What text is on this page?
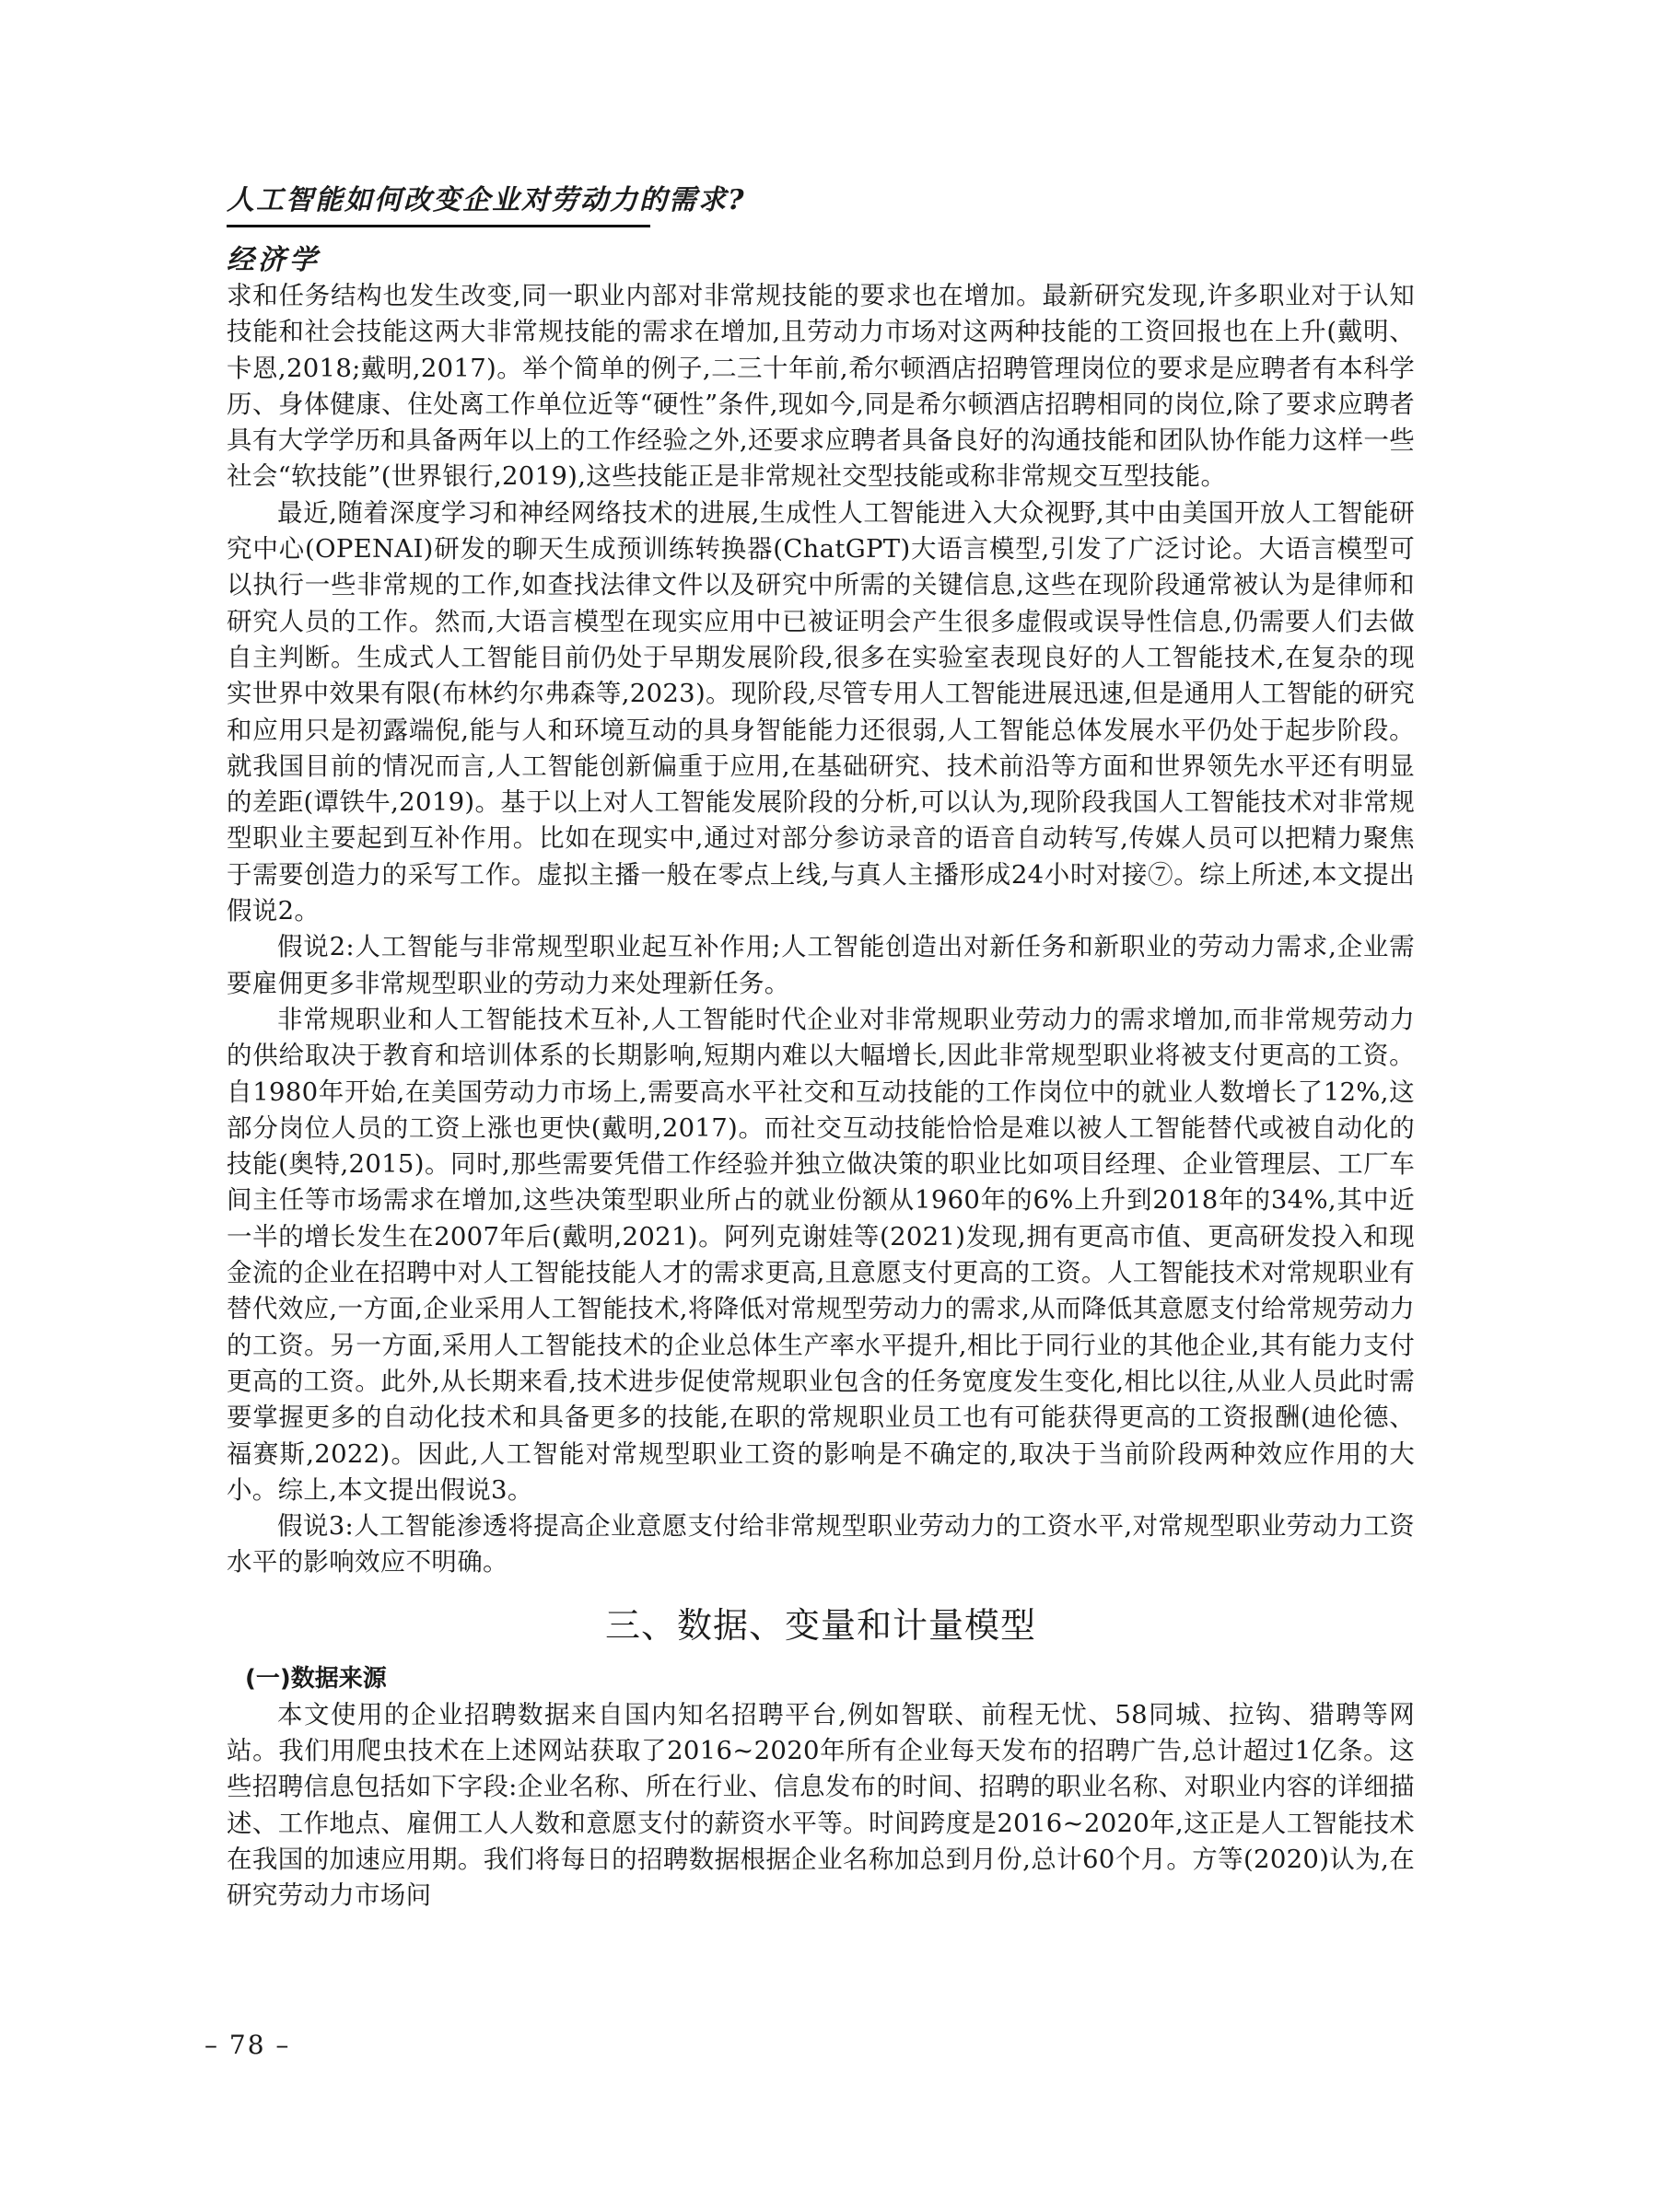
人工智能如何改变企业对劳动力的需求?
经济学

求和任务结构也发生改变,同一职业内部对非常规技能的要求也在增加。最新研究发现,许多职业对于认知技能和社会技能这两大非常规技能的需求在增加,且劳动力市场对这两种技能的工资回报也在上升(戴明、卡恩,2018;戴明,2017)。举个简单的例子,二三十年前,希尔顿酒店招聘管理岗位的要求是应聘者有本科学历、身体健康、住处离工作单位近等“硬性”条件,现如今,同是希尔顿酒店招聘相同的岗位,除了要求应聘者具有大学学历和具备两年以上的工作经验之外,还要求应聘者具备良好的沟通技能和团队协作能力这样一些社会“软技能”(世界银行,2019),这些技能正是非常规社交型技能或称非常规交互型技能。

最近,随着深度学习和神经网络技术的进展,生成性人工智能进入大众视野,其中由美国开放人工智能研究中心(OPENAI)研发的聊天生成预训练转换器(ChatGPT)大语言模型,引发了广泛讨论。大语言模型可以执行一些非常规的工作,如查找法律文件以及研究中所需的关键信息,这些在现阶段通常被认为是律师和研究人员的工作。然而,大语言模型在现实应用中已被证明会产生很多虚假或误导性信息,仍需要人们去做自主判断。生成式人工智能目前仍处于早期发展阶段,很多在实验室表现良好的人工智能技术,在复杂的现实世界中效果有限(布林约尔弗森等,2023)。现阶段,尽管专用人工智能进展迅速,但是通用人工智能的研究和应用只是初露端倪,能与人和环境互动的具身智能能力还很弱,人工智能总体发展水平仍处于起步阶段。就我国目前的情况而言,人工智能创新偏重于应用,在基础研究、技术前沿等方面和世界领先水平还有明显的差距(谭铁牛,2019)。基于以上对人工智能发展阶段的分析,可以认为,现阶段我国人工智能技术对非常规型职业主要起到互补作用。比如在现实中,通过对部分参访录音的语音自动转写,传媒人员可以把精力聚焦于需要创造力的采写工作。虚拟主播一般在零点上线,与真人主播形成24小时对接⑦。综上所述,本文提出假说2。

假说2:人工智能与非常规型职业起互补作用;人工智能创造出对新任务和新职业的劳动力需求,企业需要雇佣更多非常规型职业的劳动力来处理新任务。

非常规职业和人工智能技术互补,人工智能时代企业对非常规职业劳动力的需求增加,而非常规劳动力的供给取决于教育和培训体系的长期影响,短期内难以大幅增长,因此非常规型职业将被支付更高的工资。自1980年开始,在美国劳动力市场上,需要高水平社交和互动技能的工作岗位中的就业人数增长了12%,这部分岗位人员的工资上涨也更快(戴明,2017)。而社交互动技能恰恰是难以被人工智能替代或被自动化的技能(奥特,2015)。同时,那些需要凭借工作经验并独立做决策的职业比如项目经理、企业管理层、工厂车间主任等市场需求在增加,这些决策型职业所占的就业份额从1960年的6%上升到2018年的34%,其中近一半的增长发生在2007年后(戴明,2021)。阿列克谢娃等(2021)发现,拥有更高市值、更高研发投入和现金流的企业在招聘中对人工智能技能人才的需求更高,且意愿支付更高的工资。人工智能技术对常规职业有替代效应,一方面,企业采用人工智能技术,将降低对常规型劳动力的需求,从而降低其意愿支付给常规劳动力的工资。另一方面,采用人工智能技术的企业总体生产率水平提升,相比于同行业的其他企业,其有能力支付更高的工资。此外,从长期来看,技术进步促使常规职业包含的任务宽度发生变化,相比以往,从业人员此时需要掌握更多的自动化技术和具备更多的技能,在职的常规职业员工也有可能获得更高的工资报酬(迪伦德、福赛斯,2022)。因此,人工智能对常规型职业工资的影响是不确定的,取决于当前阶段两种效应作用的大小。综上,本文提出假说3。

假说3:人工智能渗透将提高企业意愿支付给非常规型职业劳动力的工资水平,对常规型职业劳动力工资水平的影响效应不明确。

三、数据、变量和计量模型
(一)数据来源

本文使用的企业招聘数据来自国内知名招聘平台,例如智联、前程无忧、58同城、拉钩、猎聘等网站。我们用爬虫技术在上述网站获取了2016~2020年所有企业每天发布的招聘广告,总计超过1亿条。这些招聘信息包括如下字段:企业名称、所在行业、信息发布的时间、招聘的职业名称、对职业内容的详细描述、工作地点、雇佣工人人数和意愿支付的薪资水平等。时间跨度是2016~2020年,这正是人工智能技术在我国的加速应用期。我们将每日的招聘数据根据企业名称加总到月份,总计60个月。方等(2020)认为,在研究劳动力市场问

– 78 –
